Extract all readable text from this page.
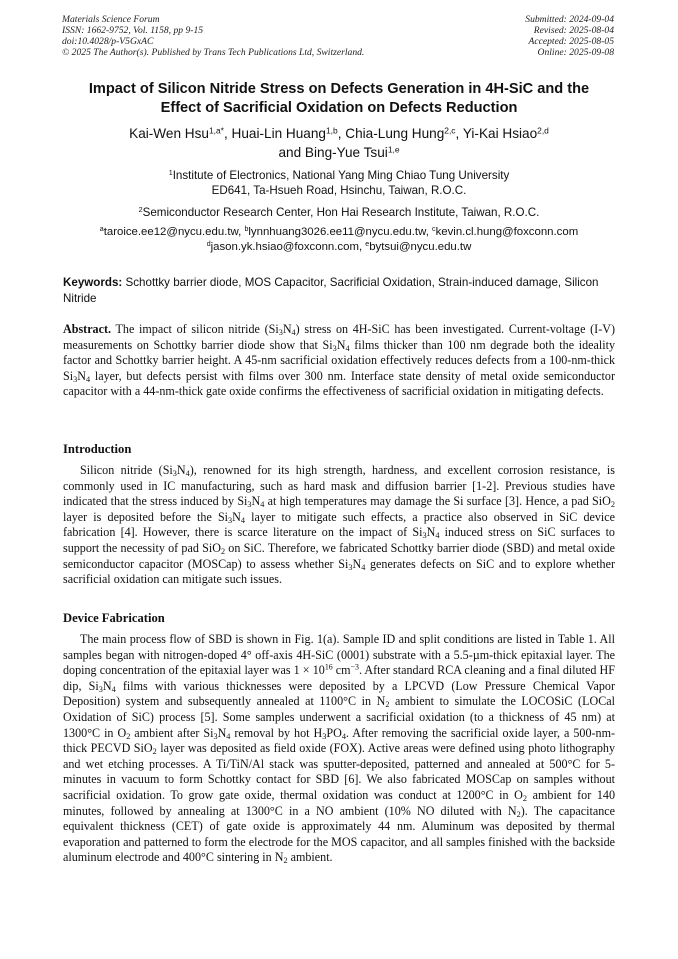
Materials Science Forum
ISSN: 1662-9752, Vol. 1158, pp 9-15
doi:10.4028/p-V5GxAC
© 2025 The Author(s). Published by Trans Tech Publications Ltd, Switzerland.
Submitted: 2024-09-04
Revised: 2025-08-04
Accepted: 2025-08-05
Online: 2025-09-08
Impact of Silicon Nitride Stress on Defects Generation in 4H-SiC and the
Effect of Sacrificial Oxidation on Defects Reduction
Kai-Wen Hsu$^{1,a*}$, Huai-Lin Huang$^{1,b}$, Chia-Lung Hung$^{2,c}$, Yi-Kai Hsiao$^{2,d}$
and Bing-Yue Tsui$^{1,e}$
$^1$Institute of Electronics, National Yang Ming Chiao Tung University
ED641, Ta-Hsueh Road, Hsinchu, Taiwan, R.O.C.
$^2$Semiconductor Research Center, Hon Hai Research Institute, Taiwan, R.O.C.
$^a$taroice.ee12@nycu.edu.tw, $^b$lynnhuang3026.ee11@nycu.edu.tw, $^c$kevin.cl.hung@foxconn.com
$^d$jason.yk.hsiao@foxconn.com, $^e$bytsui@nycu.edu.tw
Keywords: Schottky barrier diode, MOS Capacitor, Sacrificial Oxidation, Strain-induced damage, Silicon Nitride
Abstract. The impact of silicon nitride $(Si_3N_4)$ stress on 4H-SiC has been investigated. Current-voltage (I-V) measurements on Schottky barrier diode show that $Si_3N_4$ films thicker than 100 nm degrade both the ideality factor and Schottky barrier height. A 45-nm sacrificial oxidation effectively reduces defects from a 100-nm-thick $Si_3N_4$ layer, but defects persist with films over 300 nm. Interface state density of metal oxide semiconductor capacitor with a 44-nm-thick gate oxide confirms the effectiveness of sacrificial oxidation in mitigating defects.
Introduction
Silicon nitride $(Si_3N_4)$, renowned for its high strength, hardness, and excellent corrosion resistance, is commonly used in IC manufacturing, such as hard mask and diffusion barrier [1-2]. Previous studies have indicated that the stress induced by $Si_3N_4$ at high temperatures may damage the Si surface [3]. Hence, a pad SiO$_2$ layer is deposited before the $Si_3N_4$ layer to mitigate such effects, a practice also observed in SiC device fabrication [4]. However, there is scarce literature on the impact of $Si_3N_4$ induced stress on SiC surfaces to support the necessity of pad SiO$_2$ on SiC. Therefore, we fabricated Schottky barrier diode (SBD) and metal oxide semiconductor capacitor (MOSCap) to assess whether $Si_3N_4$ generates defects on SiC and to explore whether sacrificial oxidation can mitigate such issues.
Device Fabrication
The main process flow of SBD is shown in Fig. 1(a). Sample ID and split conditions are listed in Table 1. All samples began with nitrogen-doped 4° off-axis 4H-SiC (0001) substrate with a 5.5-µm-thick epitaxial layer. The doping concentration of the epitaxial layer was $1 \times 10^{16}$ $cm^{-3}$. After standard RCA cleaning and a final diluted HF dip, $Si_3N_4$ films with various thicknesses were deposited by a LPCVD (Low Pressure Chemical Vapor Deposition) system and subsequently annealed at 1100°C in $N_2$ ambient to simulate the LOCOSiC (LOCal Oxidation of SiC) process [5]. Some samples underwent a sacrificial oxidation (to a thickness of 45 nm) at 1300°C in $O_2$ ambient after $Si_3N_4$ removal by hot $H_3PO_4$. After removing the sacrificial oxide layer, a 500-nm-thick PECVD SiO$_2$ layer was deposited as field oxide (FOX). Active areas were defined using photo lithography and wet etching processes. A Ti/TiN/Al stack was sputter-deposited, patterned and annealed at 500°C for 5-minutes in vacuum to form Schottky contact for SBD [6]. We also fabricated MOSCap on samples without sacrificial oxidation. To grow gate oxide, thermal oxidation was conduct at 1200°C in $O_2$ ambient for 140 minutes, followed by annealing at 1300°C in a NO ambient (10% NO diluted with $N_2$). The capacitance equivalent thickness (CET) of gate oxide is approximately 44 nm. Aluminum was deposited by thermal evaporation and patterned to form the electrode for the MOS capacitor, and all samples finished with the backside aluminum electrode and 400°C sintering in $N_2$ ambient.
